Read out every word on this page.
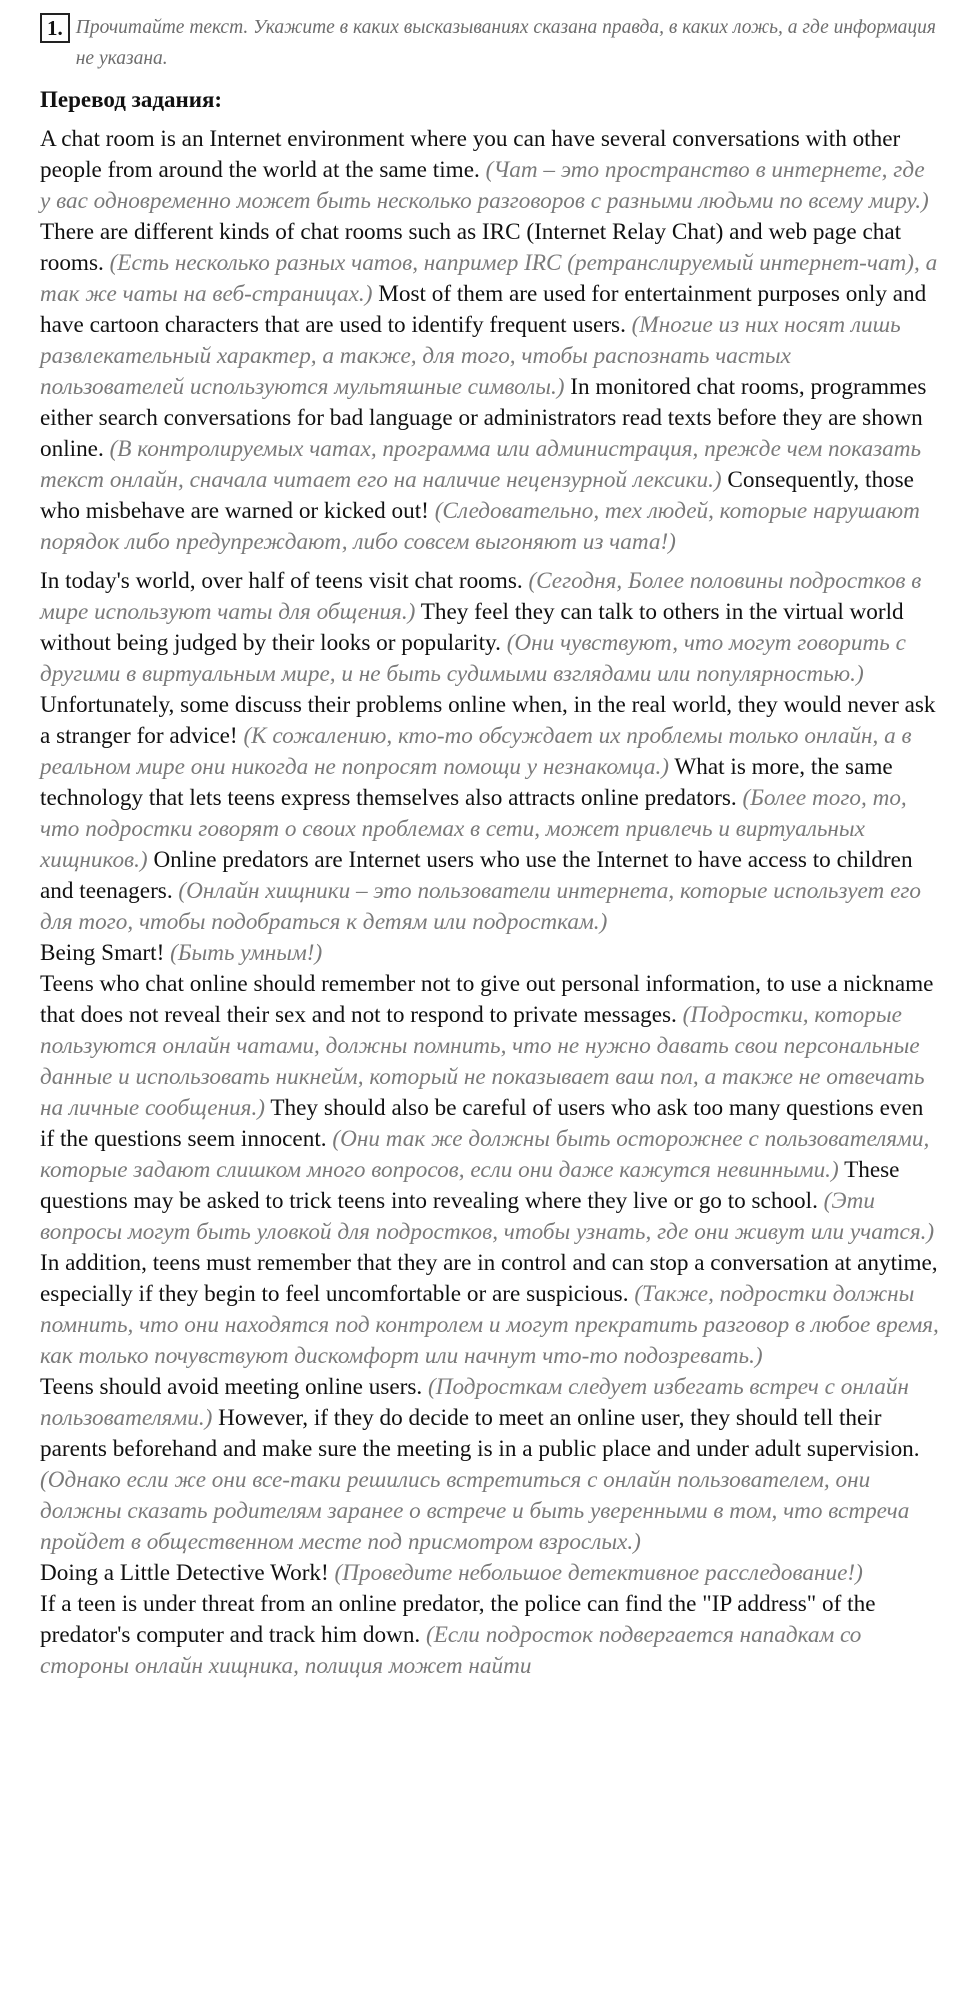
1. Прочитайте текст. Укажите в каких высказываниях сказана правда, в каких ложь, а где информация не указана.

Перевод задания:

A chat room is an Internet environment where you can have several conversations with other people from around the world at the same time. (Чат – это пространство в интернете, где у вас одновременно может быть несколько разговоров с разными людьми по всему миру.) There are different kinds of chat rooms such as IRC (Internet Relay Chat) and web page chat rooms. (Есть несколько разных чатов, например IRC (ретранслируемый интернет-чат), а так же чаты на веб-страницах.) Most of them are used for entertainment purposes only and have cartoon characters that are used to identify frequent users. (Многие из них носят лишь развлекательный характер, а также, для того, чтобы распознать частых пользователей используются мультяшные символы.) In monitored chat rooms, programmes either search conversations for bad language or administrators read texts before they are shown online. (В контролируемых чатах, программа или администрация, прежде чем показать текст онлайн, сначала читает его на наличие нецензурной лексики.) Consequently, those who misbehave are warned or kicked out! (Следовательно, тех людей, которые нарушают порядок либо предупреждают, либо совсем выгоняют из чата!)

In today's world, over half of teens visit chat rooms. (Сегодня, Более половины подростков в мире используют чаты для общения.) They feel they can talk to others in the virtual world without being judged by their looks or popularity. (Они чувствуют, что могут говорить с другими в виртуальным мире, и не быть судимыми взглядами или популярностью.) Unfortunately, some discuss their problems online when, in the real world, they would never ask a stranger for advice! (К сожалению, кто-то обсуждает их проблемы только онлайн, а в реальном мире они никогда не попросят помощи у незнакомца.) What is more, the same technology that lets teens express themselves also attracts online predators. (Более того, то, что подростки говорят о своих проблемах в сети, может привлечь и виртуальных хищников.) Online predators are Internet users who use the Internet to have access to children and teenagers. (Онлайн хищники – это пользователи интернета, которые использует его для того, чтобы подобраться к детям или подросткам.)

Being Smart! (Быть умным!)

Teens who chat online should remember not to give out personal information, to use a nickname that does not reveal their sex and not to respond to private messages. (Подростки, которые пользуются онлайн чатами, должны помнить, что не нужно давать свои персональные данные и использовать никнейм, который не показывает ваш пол, а также не отвечать на личные сообщения.) They should also be careful of users who ask too many questions even if the questions seem innocent. (Они так же должны быть осторожнее с пользователями, которые задают слишком много вопросов, если они даже кажутся невинными.) These questions may be asked to trick teens into revealing where they live or go to school. (Эти вопросы могут быть уловкой для подростков, чтобы узнать, где они живут или учатся.) In addition, teens must remember that they are in control and can stop a conversation at anytime, especially if they begin to feel uncomfortable or are suspicious. (Также, подростки должны помнить, что они находятся под контролем и могут прекратить разговор в любое время, как только почувствуют дискомфорт или начнут что-то подозревать.)

Teens should avoid meeting online users. (Подросткам следует избегать встреч с онлайн пользователями.) However, if they do decide to meet an online user, they should tell their parents beforehand and make sure the meeting is in a public place and under adult supervision. (Однако если же они все-таки решились встретиться с онлайн пользователем, они должны сказать родителям заранее о встрече и быть уверенными в том, что встреча пройдет в общественном месте под присмотром взрослых.)

Doing a Little Detective Work! (Проведите небольшое детективное расследование!)

If a teen is under threat from an online predator, the police can find the "IP address" of the predator's computer and track him down. (Если подросток подвергается нападкам со стороны онлайн хищника, полиция может найти
